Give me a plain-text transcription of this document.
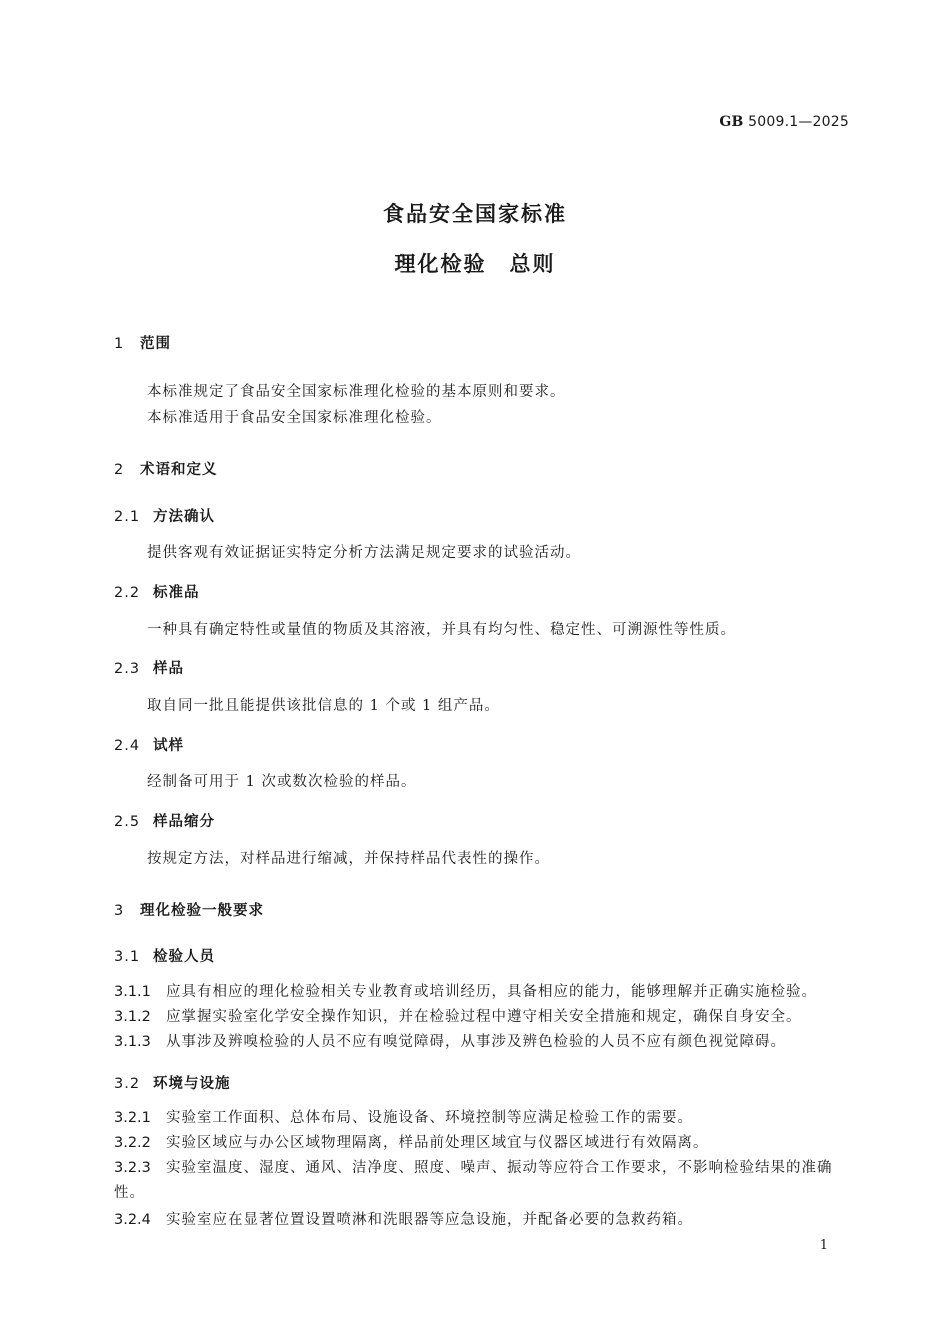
GB 5009.1—2025
食品安全国家标准
理化检验　总则
1 范围
本标准规定了食品安全国家标准理化检验的基本原则和要求。
本标准适用于食品安全国家标准理化检验。
2 术语和定义
2.1 方法确认
提供客观有效证据证实特定分析方法满足规定要求的试验活动。
2.2 标准品
一种具有确定特性或量值的物质及其溶液，并具有均匀性、稳定性、可溯源性等性质。
2.3 样品
取自同一批且能提供该批信息的 1 个或 1 组产品。
2.4 试样
经制备可用于 1 次或数次检验的样品。
2.5 样品缩分
按规定方法，对样品进行缩减，并保持样品代表性的操作。
3 理化检验一般要求
3.1 检验人员
3.1.1 应具有相应的理化检验相关专业教育或培训经历，具备相应的能力，能够理解并正确实施检验。
3.1.2 应掌握实验室化学安全操作知识，并在检验过程中遵守相关安全措施和规定，确保自身安全。
3.1.3 从事涉及辨嗅检验的人员不应有嗅觉障碍，从事涉及辨色检验的人员不应有颜色视觉障碍。
3.2 环境与设施
3.2.1 实验室工作面积、总体布局、设施设备、环境控制等应满足检验工作的需要。
3.2.2 实验区域应与办公区域物理隔离，样品前处理区域宜与仪器区域进行有效隔离。
3.2.3 实验室温度、湿度、通风、洁净度、照度、噪声、振动等应符合工作要求，不影响检验结果的准确性。
3.2.4 实验室应在显著位置设置喷淋和洗眼器等应急设施，并配备必要的急救药箱。
1
